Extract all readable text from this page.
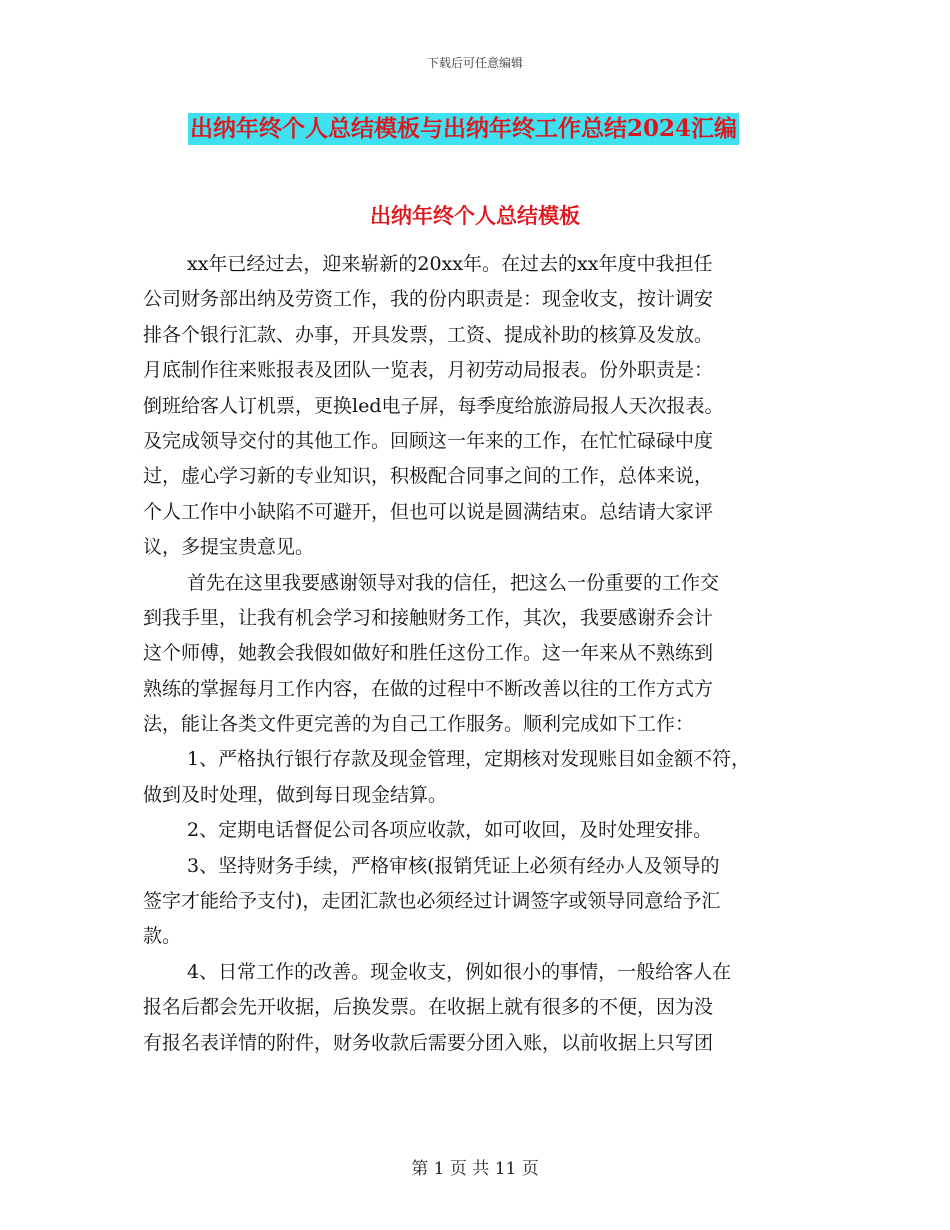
下载后可任意编辑
出纳年终个人总结模板与出纳年终工作总结2024汇编
出纳年终个人总结模板
xx年已经过去，迎来崭新的20xx年。在过去的xx年度中我担任
公司财务部出纳及劳资工作，我的份内职责是：现金收支，按计调安
排各个银行汇款、办事，开具发票，工资、提成补助的核算及发放。
月底制作往来账报表及团队一览表，月初劳动局报表。份外职责是：
倒班给客人订机票，更换led电子屏，每季度给旅游局报人天次报表。
及完成领导交付的其他工作。回顾这一年来的工作，在忙忙碌碌中度
过，虚心学习新的专业知识，积极配合同事之间的工作，总体来说，
个人工作中小缺陷不可避开，但也可以说是圆满结束。总结请大家评
议，多提宝贵意见。
首先在这里我要感谢领导对我的信任，把这么一份重要的工作交
到我手里，让我有机会学习和接触财务工作，其次，我要感谢乔会计
这个师傅，她教会我假如做好和胜任这份工作。这一年来从不熟练到
熟练的掌握每月工作内容，在做的过程中不断改善以往的工作方式方
法，能让各类文件更完善的为自己工作服务。顺利完成如下工作：
1、严格执行银行存款及现金管理，定期核对发现账目如金额不符，
做到及时处理，做到每日现金结算。
2、定期电话督促公司各项应收款，如可收回，及时处理安排。
3、坚持财务手续，严格审核(报销凭证上必须有经办人及领导的
签字才能给予支付)，走团汇款也必须经过计调签字或领导同意给予汇
款。
4、日常工作的改善。现金收支，例如很小的事情，一般给客人在
报名后都会先开收据，后换发票。在收据上就有很多的不便，因为没
有报名表详情的附件，财务收款后需要分团入账，以前收据上只写团
第 1 页 共 11 页
